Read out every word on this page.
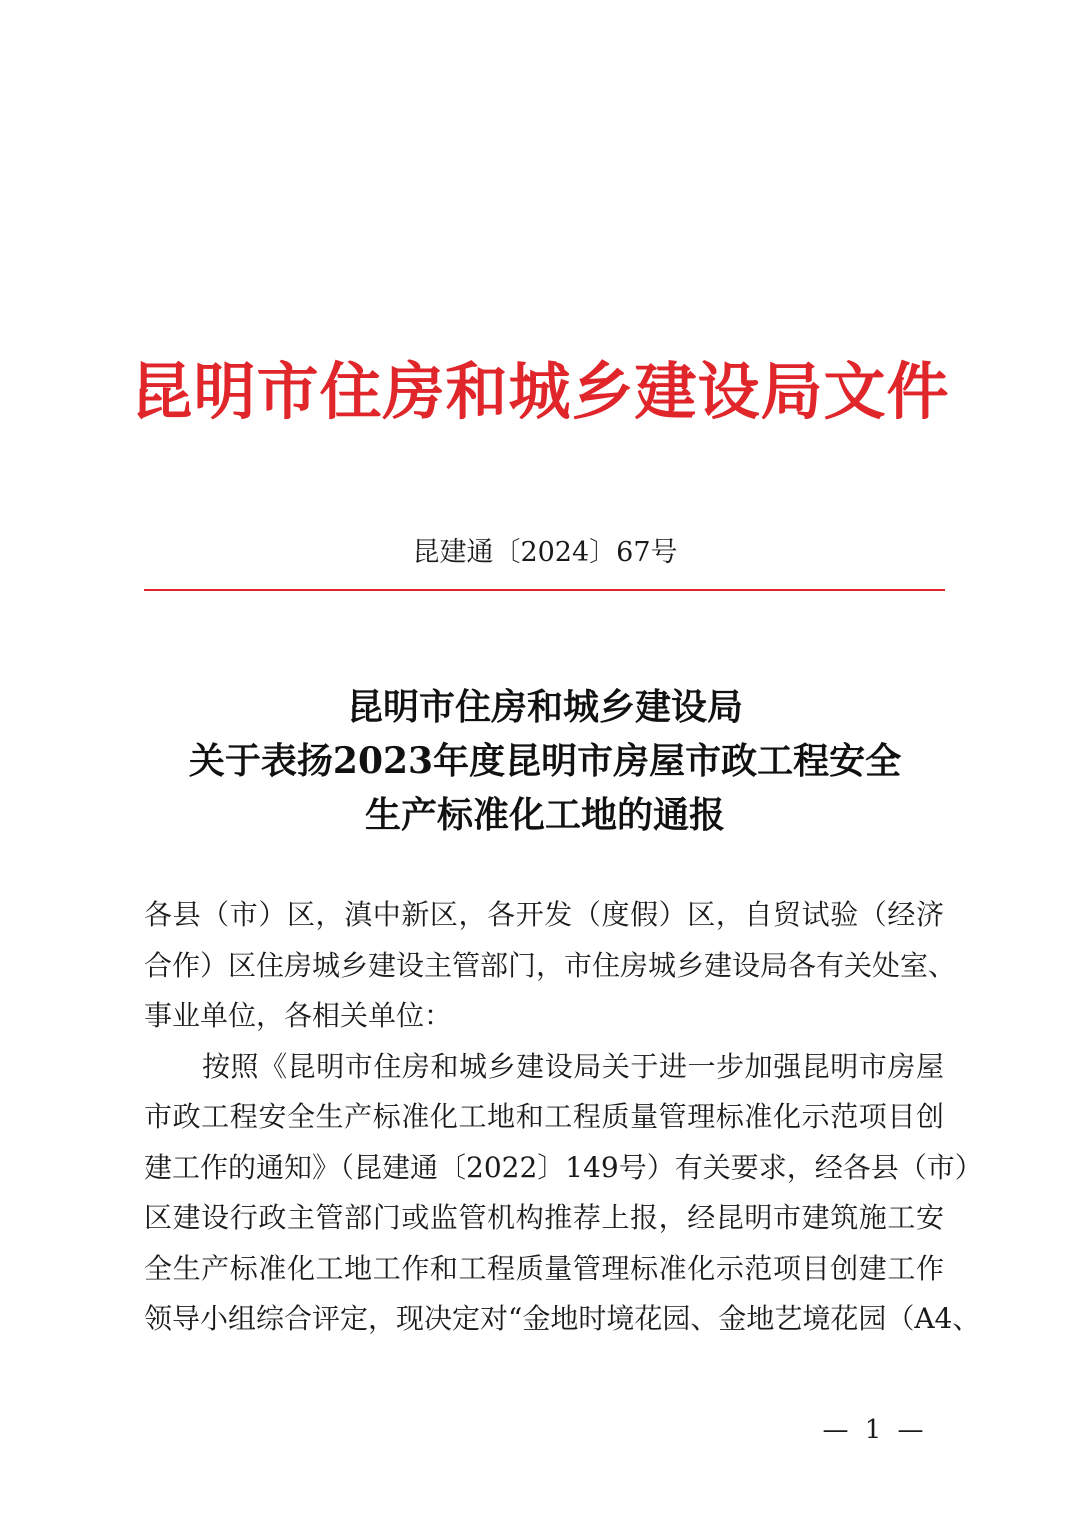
昆明市住房和城乡建设局文件
昆建通〔2024〕67号
昆明市住房和城乡建设局
关于表扬2023年度昆明市房屋市政工程安全
生产标准化工地的通报
各县（市）区，滇中新区，各开发（度假）区，自贸试验（经济
合作）区住房城乡建设主管部门，市住房城乡建设局各有关处室、
事业单位，各相关单位：
按照《昆明市住房和城乡建设局关于进一步加强昆明市房屋
市政工程安全生产标准化工地和工程质量管理标准化示范项目创
建工作的通知》（昆建通〔2022〕149号）有关要求，经各县（市）
区建设行政主管部门或监管机构推荐上报，经昆明市建筑施工安
全生产标准化工地工作和工程质量管理标准化示范项目创建工作
领导小组综合评定，现决定对“金地时境花园、金地艺境花园（A4、
— 1 —
